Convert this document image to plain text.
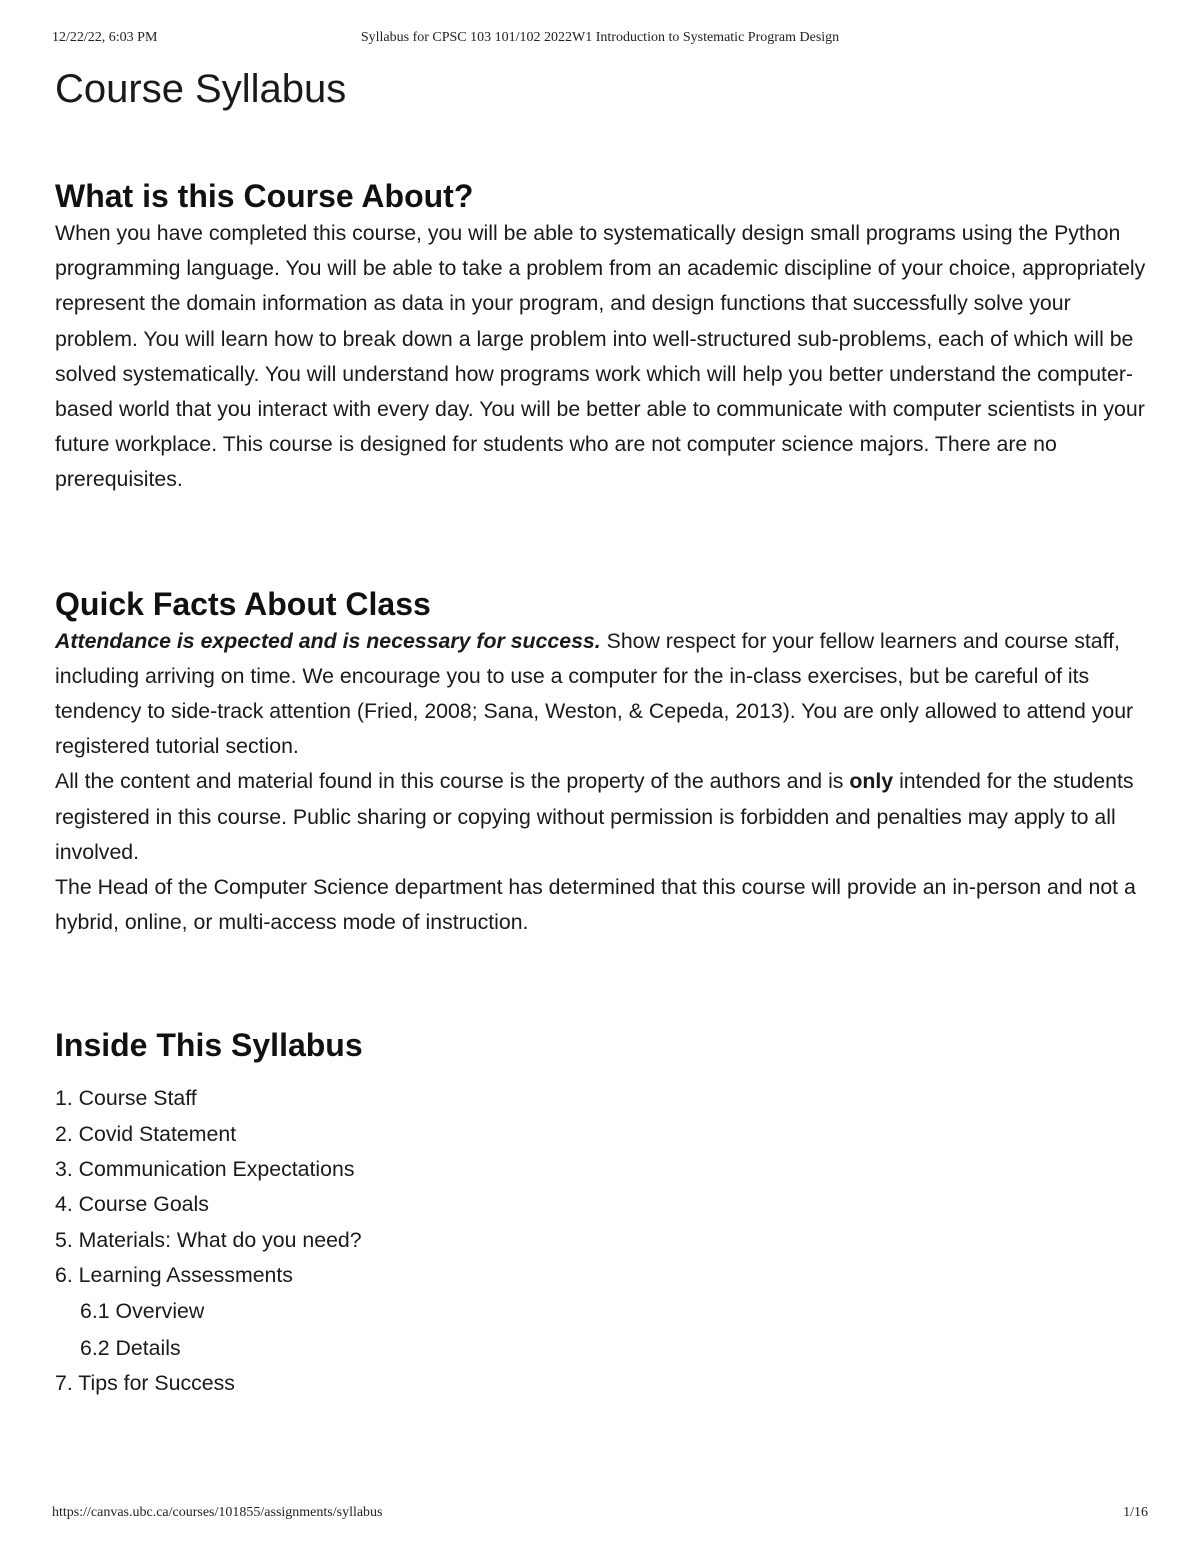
12/22/22, 6:03 PM	Syllabus for CPSC 103 101/102 2022W1 Introduction to Systematic Program Design
Course Syllabus
What is this Course About?

When you have completed this course, you will be able to systematically design small programs using the Python programming language. You will be able to take a problem from an academic discipline of your choice, appropriately represent the domain information as data in your program, and design functions that successfully solve your problem. You will learn how to break down a large problem into well-structured sub-problems, each of which will be solved systematically. You will understand how programs work which will help you better understand the computer-based world that you interact with every day. You will be better able to communicate with computer scientists in your future workplace. This course is designed for students who are not computer science majors. There are no prerequisites.

Quick Facts About Class

Attendance is expected and is necessary for success. Show respect for your fellow learners and course staff, including arriving on time. We encourage you to use a computer for the in-class exercises, but be careful of its tendency to side-track attention (Fried, 2008; Sana, Weston, & Cepeda, 2013). You are only allowed to attend your registered tutorial section.

All the content and material found in this course is the property of the authors and is only intended for the students registered in this course. Public sharing or copying without permission is forbidden and penalties may apply to all involved.

The Head of the Computer Science department has determined that this course will provide an in-person and not a hybrid, online, or multi-access mode of instruction.

Inside This Syllabus
1. Course Staff
2. Covid Statement
3. Communication Expectations
4. Course Goals
5. Materials: What do you need?
6. Learning Assessments
6.1 Overview
6.2 Details
7. Tips for Success
https://canvas.ubc.ca/courses/101855/assignments/syllabus	1/16
